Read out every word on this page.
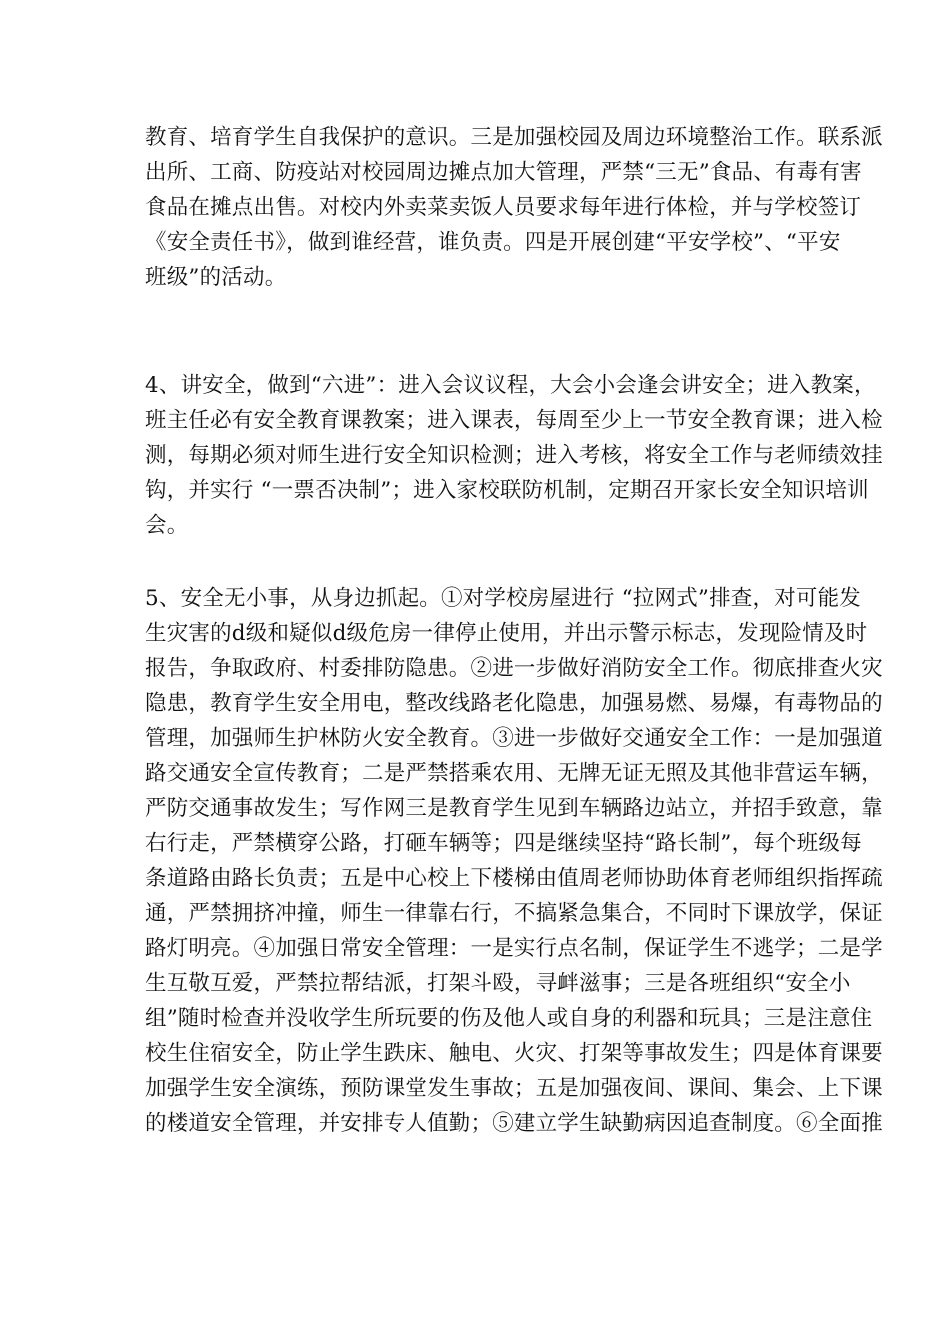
教育、培育学生自我保护的意识。三是加强校园及周边环境整治工作。联系派
出所、工商、防疫站对校园周边摊点加大管理，严禁“三无”食品、有毒有害
食品在摊点出售。对校内外卖菜卖饭人员要求每年进行体检，并与学校签订
《安全责任书》，做到谁经营，谁负责。四是开展创建“平安学校”、“平安
班级”的活动。
4、讲安全，做到“六进”：进入会议议程，大会小会逢会讲安全；进入教案，
班主任必有安全教育课教案；进入课表，每周至少上一节安全教育课；进入检
测，每期必须对师生进行安全知识检测；进入考核，将安全工作与老师绩效挂
钩，并实行 “一票否决制”；进入家校联防机制，定期召开家长安全知识培训
会。
5、安全无小事，从身边抓起。①对学校房屋进行 “拉网式”排查，对可能发
生灾害的d级和疑似d级危房一律停止使用，并出示警示标志，发现险情及时
报告，争取政府、村委排防隐患。②进一步做好消防安全工作。彻底排查火灾
隐患，教育学生安全用电，整改线路老化隐患，加强易燃、易爆，有毒物品的
管理，加强师生护林防火安全教育。③进一步做好交通安全工作：一是加强道
路交通安全宣传教育；二是严禁搭乘农用、无牌无证无照及其他非营运车辆，
严防交通事故发生；写作网三是教育学生见到车辆路边站立，并招手致意，靠
右行走，严禁横穿公路，打砸车辆等；四是继续坚持“路长制”，每个班级每
条道路由路长负责；五是中心校上下楼梯由值周老师协助体育老师组织指挥疏
通，严禁拥挤冲撞，师生一律靠右行，不搞紧急集合，不同时下课放学，保证
路灯明亮。④加强日常安全管理：一是实行点名制，保证学生不逃学；二是学
生互敬互爱，严禁拉帮结派，打架斗殴，寻衅滋事；三是各班组织“安全小
组”随时检查并没收学生所玩要的伤及他人或自身的利器和玩具；三是注意住
校生住宿安全，防止学生跌床、触电、火灾、打架等事故发生；四是体育课要
加强学生安全演练，预防课堂发生事故；五是加强夜间、课间、集会、上下课
的楼道安全管理，并安排专人值勤；⑤建立学生缺勤病因追查制度。⑥全面推
